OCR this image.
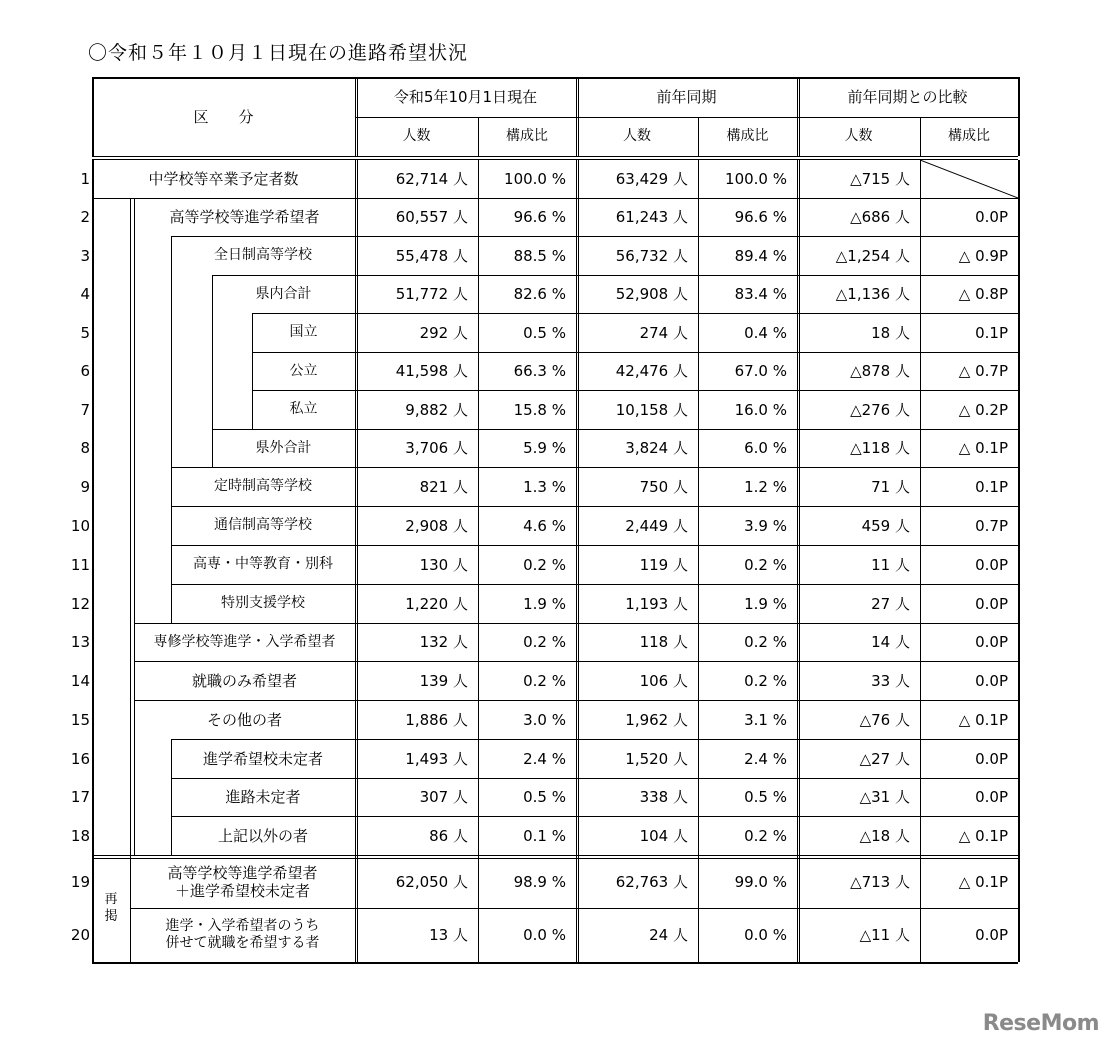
〇令和５年１０月１日現在の進路希望状況
区　　分
令和5年10月1日現在	前年同期	前年同期との比較
人数	構成比	人数	構成比	人数	構成比
1	中学校等卒業予定者数	62,714 人	100.0 %	63,429 人	100.0 %	△715 人
2	高等学校等進学希望者	60,557 人	96.6 %	61,243 人	96.6 %	△686 人	0.0P
3	全日制高等学校	55,478 人	88.5 %	56,732 人	89.4 %	△1,254 人	△ 0.9P
4	県内合計	51,772 人	82.6 %	52,908 人	83.4 %	△1,136 人	△ 0.8P
5	国立	292 人	0.5 %	274 人	0.4 %	18 人	0.1P
6	公立	41,598 人	66.3 %	42,476 人	67.0 %	△878 人	△ 0.7P
7	私立	9,882 人	15.8 %	10,158 人	16.0 %	△276 人	△ 0.2P
8	県外合計	3,706 人	5.9 %	3,824 人	6.0 %	△118 人	△ 0.1P
9	定時制高等学校	821 人	1.3 %	750 人	1.2 %	71 人	0.1P
10	通信制高等学校	2,908 人	4.6 %	2,449 人	3.9 %	459 人	0.7P
11	高専・中等教育・別科	130 人	0.2 %	119 人	0.2 %	11 人	0.0P
12	特別支援学校	1,220 人	1.9 %	1,193 人	1.9 %	27 人	0.0P
13	専修学校等進学・入学希望者	132 人	0.2 %	118 人	0.2 %	14 人	0.0P
14	就職のみ希望者	139 人	0.2 %	106 人	0.2 %	33 人	0.0P
15	その他の者	1,886 人	3.0 %	1,962 人	3.1 %	△76 人	△ 0.1P
16	進学希望校未定者	1,493 人	2.4 %	1,520 人	2.4 %	△27 人	0.0P
17	進路未定者	307 人	0.5 %	338 人	0.5 %	△31 人	0.0P
18	上記以外の者	86 人	0.1 %	104 人	0.2 %	△18 人	△ 0.1P
19	高等学校等進学希望者
＋進学希望校未定者	62,050 人	98.9 %	62,763 人	99.0 %	△713 人	△ 0.1P
20	進学・入学希望者のうち
併せて就職を希望する者	13 人	0.0 %	24 人	0.0 %	△11 人	0.0P
再
掲
ReseMom
